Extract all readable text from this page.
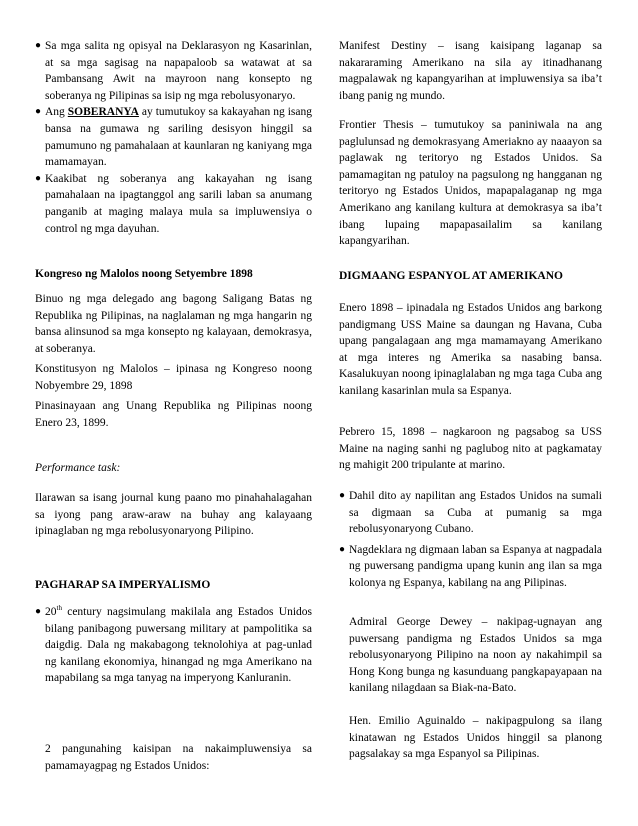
● Sa mga salita ng opisyal na Deklarasyon ng Kasarinlan, at sa mga sagisag na napapaloob sa watawat at sa Pambansang Awit na mayroon nang konsepto ng soberanya ng Pilipinas sa isip ng mga rebolusyonaryo.
● Ang SOBERANYA ay tumutukoy sa kakayahan ng isang bansa na gumawa ng sariling desisyon hinggil sa pamumuno ng pamahalaan at kaunlaran ng kaniyang mga mamamayan.
● Kaakibat ng soberanya ang kakayahan ng isang pamahalaan na ipagtanggol ang sarili laban sa anumang panganib at maging malaya mula sa impluwensiya o control ng mga dayuhan.

Kongreso ng Malolos noong Setyembre 1898

Binuo ng mga delegado ang bagong Saligang Batas ng Republika ng Pilipinas, na naglalaman ng mga hangarin ng bansa alinsunod sa mga konsepto ng kalayaan, demokrasya, at soberanya.

Konstitusyon ng Malolos – ipinasa ng Kongreso noong Nobyembre 29, 1898

Pinasinayaan ang Unang Republika ng Pilipinas noong Enero 23, 1899.

Performance task:

Ilarawan sa isang journal kung paano mo pinahahalagahan sa iyong pang araw-araw na buhay ang kalayaang ipinaglaban ng mga rebolusyonaryong Pilipino.

PAGHARAP SA IMPERYALISMO

● 20th century nagsimulang makilala ang Estados Unidos bilang panibagong puwersang military at pampolitika sa daigdig. Dala ng makabagong teknolohiya at pag-unlad ng kanilang ekonomiya, hinangad ng mga Amerikano na mapabilang sa mga tanyag na imperyong Kanluranin.

2 pangunahing kaisipan na nakaimpluwensiya sa pamamayagpag ng Estados Unidos:

Manifest Destiny – isang kaisipang laganap sa nakararaming Amerikano na sila ay itinadhanang magpalawak ng kapangyarihan at impluwensiya sa iba’t ibang panig ng mundo.

Frontier Thesis – tumutukoy sa paniniwala na ang paglulunsad ng demokrasyang Ameriakno ay naaayon sa paglawak ng teritoryo ng Estados Unidos. Sa pamamagitan ng patuloy na pagsulong ng hangganan ng teritoryo ng Estados Unidos, mapapalaganap ng mga Amerikano ang kanilang kultura at demokrasya sa iba’t ibang lupaing mapapasailalim sa kanilang kapangyarihan.

DIGMAANG ESPANYOL AT AMERIKANO

Enero 1898 – ipinadala ng Estados Unidos ang barkong pandigmang USS Maine sa daungan ng Havana, Cuba upang pangalagaan ang mga mamamayang Amerikano at mga interes ng Amerika sa nasabing bansa. Kasalukuyan noong ipinaglalaban ng mga taga Cuba ang kanilang kasarinlan mula sa Espanya.

Pebrero 15, 1898 – nagkaroon ng pagsabog sa USS Maine na naging sanhi ng paglubog nito at pagkamatay ng mahigit 200 tripulante at marino.

● Dahil dito ay napilitan ang Estados Unidos na sumali sa digmaan sa Cuba at pumanig sa mga rebolusyonaryong Cubano.
● Nagdeklara ng digmaan laban sa Espanya at nagpadala ng puwersang pandigma upang kunin ang ilan sa mga kolonya ng Espanya, kabilang na ang Pilipinas.

Admiral George Dewey – nakipag-ugnayan ang puwersang pandigma ng Estados Unidos sa mga rebolusyonaryong Pilipino na noon ay nakahimpil sa Hong Kong bunga ng kasunduang pangkapayapaan na kanilang nilagdaan sa Biak-na-Bato.

Hen. Emilio Aguinaldo – nakipagpulong sa ilang kinatawan ng Estados Unidos hinggil sa planong pagsalakay sa mga Espanyol sa Pilipinas.
